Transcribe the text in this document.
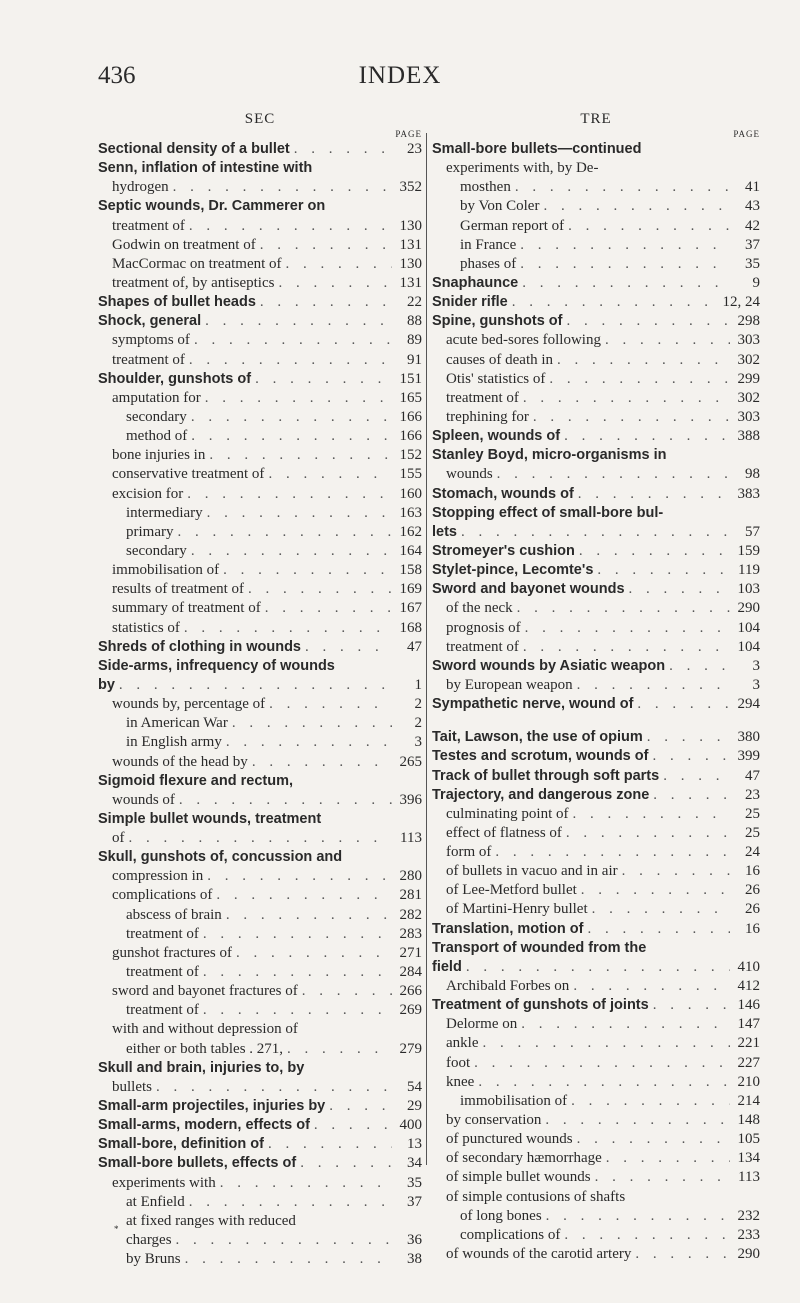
436	INDEX
SEC
PAGE
Sectional density of a bullet . . .	23
Senn, inflation of intestine with
hydrogen . . .	352
Septic wounds, Dr. Cammerer on
treatment of . . .	130
Godwin on treatment of . . .	131
MacCormac on treatment of . . .	130
treatment of, by antiseptics . . .	131
Shapes of bullet heads . . .	22
Shock, general . . .	88
symptoms of . . .	89
treatment of . . .	91
Shoulder, gunshots of . . .	151
amputation for . . .	165
secondary . . .	166
method of . . .	166
bone injuries in . . .	152
conservative treatment of . . .	155
excision for . . .	160
intermediary . . .	163
primary . . .	162
secondary . . .	164
immobilisation of . . .	158
results of treatment of . . .	169
summary of treatment of . . .	167
statistics of . . .	168
Shreds of clothing in wounds . . .	47
Side-arms, infrequency of wounds
by . . .	1
wounds by, percentage of . . .	2
in American War . . .	2
in English army . . .	3
wounds of the head by . . .	265
Sigmoid flexure and rectum,
wounds of . . .	396
Simple bullet wounds, treatment
of . . .	113
Skull, gunshots of, concussion and
compression in . . .	280
complications of . . .	281
abscess of brain . . .	282
treatment of . . .	283
gunshot fractures of . . .	271
treatment of . . .	284
sword and bayonet fractures of . . .	266
treatment of . . .	269
with and without depression of
either or both tables . 271, . . .	279
Skull and brain, injuries to, by
bullets . . .	54
Small-arm projectiles, injuries by . . .	29
Small-arms, modern, effects of . . .	400
Small-bore, definition of . . .	13
Small-bore bullets, effects of . . .	34
experiments with . . .	35
at Enfield . . .	37
at fixed ranges with reduced
charges . . .	36
by Bruns . . .	38
TRE
PAGE
Small-bore bullets—continued
experiments with, by De-
mosthen . . .	41
by Von Coler . . .	43
German report of . . .	42
in France . . .	37
phases of . . .	35
Snaphaunce . . .	9
Snider rifle . . .	12, 24
Spine, gunshots of . . .	298
acute bed-sores following . . .	303
causes of death in . . .	302
Otis' statistics of . . .	299
treatment of . . .	302
trephining for . . .	303
Spleen, wounds of . . .	388
Stanley Boyd, micro-organisms in
wounds . . .	98
Stomach, wounds of . . .	383
Stopping effect of small-bore bul-
lets . . .	57
Stromeyer's cushion . . .	159
Stylet-pince, Lecomte's . . .	119
Sword and bayonet wounds . . .	103
of the neck . . .	290
prognosis of . . .	104
treatment of . . .	104
Sword wounds by Asiatic weapon . . .	3
by European weapon . . .	3
Sympathetic nerve, wound of . . .	294
Tait, Lawson, the use of opium . . .	380
Testes and scrotum, wounds of . . .	399
Track of bullet through soft parts . . .	47
Trajectory, and dangerous zone . . .	23
culminating point of . . .	25
effect of flatness of . . .	25
form of . . .	24
of bullets in vacuo and in air . . .	16
of Lee-Metford bullet . . .	26
of Martini-Henry bullet . . .	26
Translation, motion of . . .	16
Transport of wounded from the
field . . .	410
Archibald Forbes on . . .	412
Treatment of gunshots of joints . . .	146
Delorme on . . .	147
ankle . . .	221
foot . . .	227
knee . . .	210
immobilisation of . . .	214
by conservation . . .	148
of punctured wounds . . .	105
of secondary hæmorrhage . . .	134
of simple bullet wounds . . .	113
of simple contusions of shafts
of long bones . . .	232
complications of . . .	233
of wounds of the carotid artery . . .	290
*
